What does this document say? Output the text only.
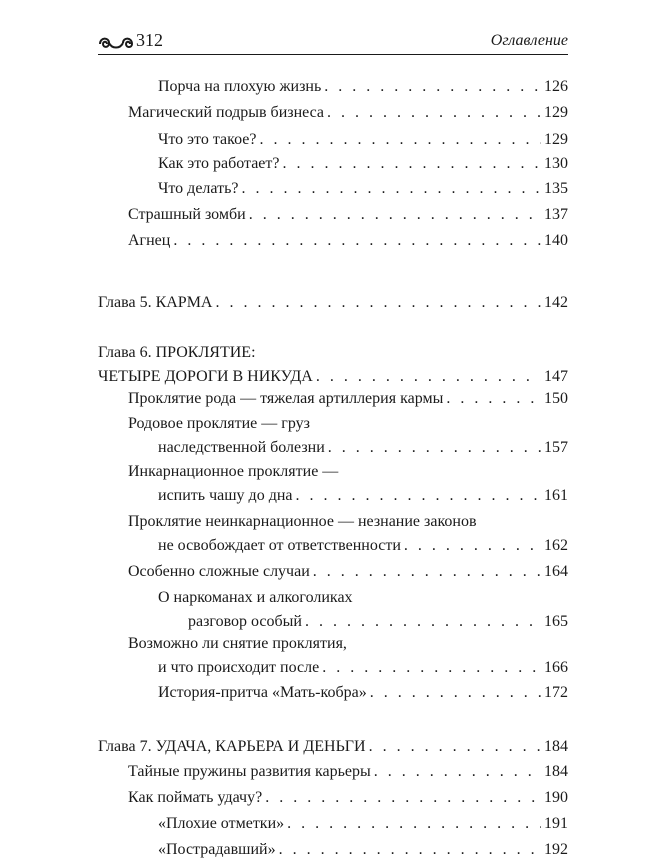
312	Оглавление
Порча на плохую жизнь . . .	126
Магический подрыв бизнеса . . .	129
Что это такое? . . .	129
Как это работает? . . .	130
Что делать? . . .	135
Страшный зомби . . .	137
Агнец . . .	140
Глава 5. КАРМА . . .	142
Глава 6. ПРОКЛЯТИЕ:
ЧЕТЫРЕ ДОРОГИ В НИКУДА . . .	147
Проклятие рода — тяжелая артиллерия кармы . . .	150
Родовое проклятие — груз
наследственной болезни . . .	157
Инкарнационное проклятие —
испить чашу до дна . . .	161
Проклятие неинкарнационное — незнание законов
не освобождает от ответственности . . .	162
Особенно сложные случаи . . .	164
О наркоманах и алкоголиках
разговор особый . . .	165
Возможно ли снятие проклятия,
и что происходит после . . .	166
История-притча «Мать-кобра» . . .	172
Глава 7. УДАЧА, КАРЬЕРА И ДЕНЬГИ . . .	184
Тайные пружины развития карьеры . . .	184
Как поймать удачу? . . .	190
«Плохие отметки» . . .	191
«Пострадавший» . . .	192
